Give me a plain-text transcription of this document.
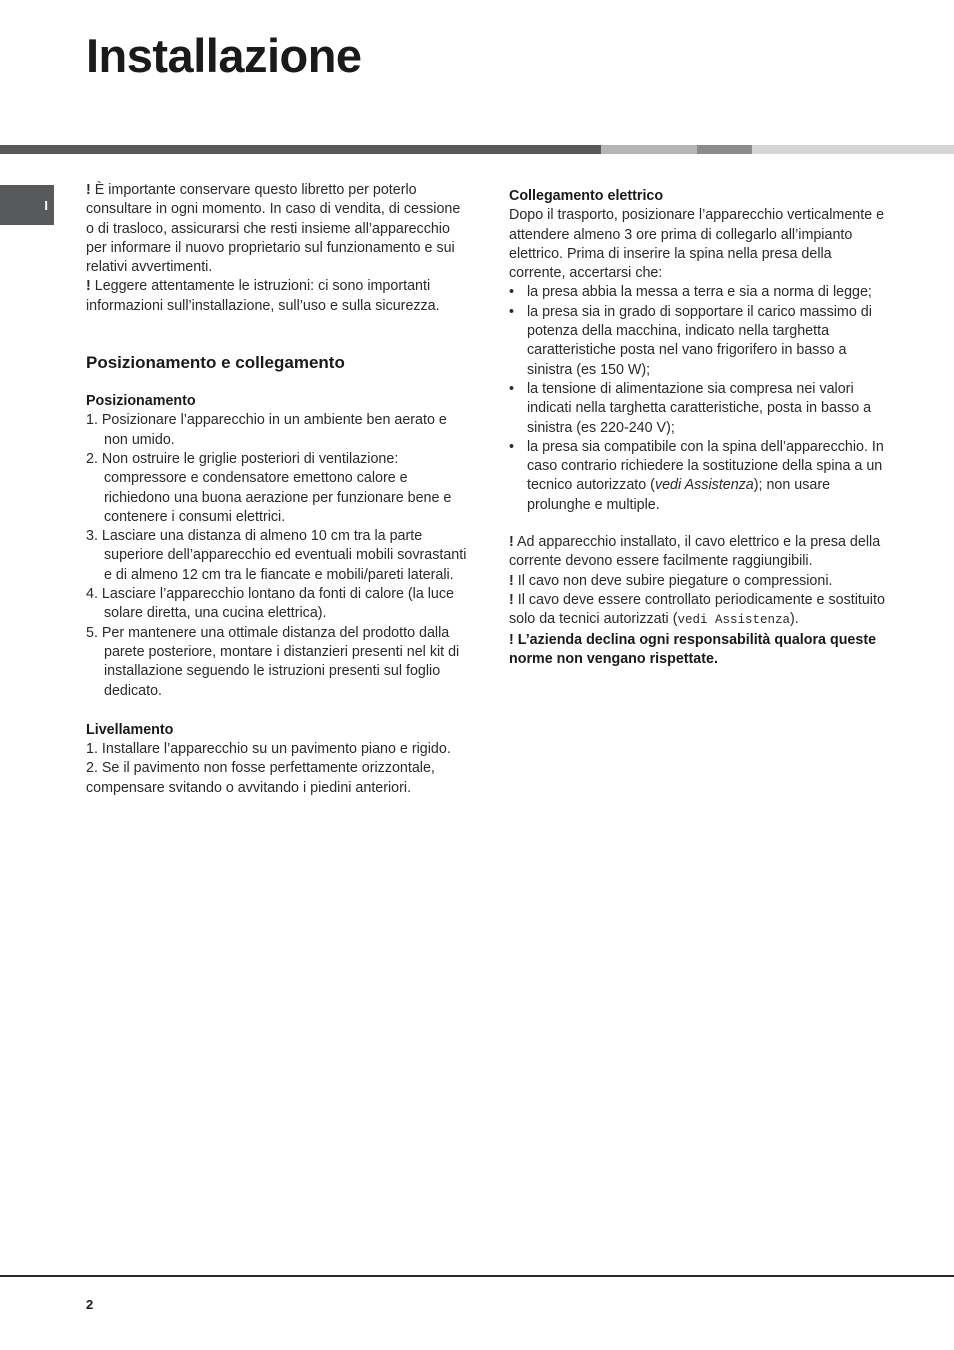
Installazione
I

! È importante conservare questo libretto per poterlo consultare in ogni momento. In caso di vendita, di cessione o di trasloco, assicurarsi che resti insieme all’apparecchio per informare il nuovo proprietario sul funzionamento e sui relativi avvertimenti.

! Leggere attentamente le istruzioni: ci sono importanti informazioni sull’installazione, sull’uso e sulla sicurezza.

Posizionamento e collegamento

Posizionamento

1. Posizionare l’apparecchio in un ambiente ben aerato e non umido.
2. Non ostruire le griglie posteriori di ventilazione: compressore e condensatore emettono calore e richiedono una buona aerazione per funzionare bene e contenere i consumi elettrici.
3. Lasciare una distanza di almeno 10 cm tra la parte superiore dell’apparecchio ed eventuali mobili sovrastanti e di almeno 12 cm tra le fiancate e mobili/pareti laterali.
4. Lasciare l’apparecchio lontano da fonti di calore (la luce solare diretta, una cucina elettrica).
5. Per mantenere una ottimale distanza del prodotto dalla parete posteriore, montare i distanzieri presenti nel kit di installazione seguendo le istruzioni presenti sul foglio dedicato.

Livellamento

1. Installare l’apparecchio su un pavimento piano e rigido.

2. Se il pavimento non fosse perfettamente orizzontale, compensare svitando o avvitando i piedini anteriori.

Collegamento elettrico

Dopo il trasporto, posizionare l’apparecchio verticalmente e attendere almeno 3 ore prima di collegarlo all’impianto elettrico. Prima di inserire la spina nella presa della corrente, accertarsi che:

• la presa abbia la messa a terra e sia a norma di legge;
• la presa sia in grado di sopportare il carico massimo di potenza della macchina, indicato nella targhetta caratteristiche posta nel vano frigorifero in basso a sinistra (es 150 W);
• la tensione di alimentazione sia compresa nei valori indicati nella targhetta caratteristiche, posta in basso a sinistra (es 220-240 V);
• la presa sia compatibile con la spina dell’apparecchio. In caso contrario richiedere la sostituzione della spina a un tecnico autorizzato (vedi Assistenza); non usare prolunghe e multiple.

! Ad apparecchio installato, il cavo elettrico e la presa della corrente devono essere facilmente raggiungibili.

! Il cavo non deve subire piegature o compressioni.

! Il cavo deve essere controllato periodicamente e sostituito solo da tecnici autorizzati (vedi Assistenza).

! L’azienda declina ogni responsabilità qualora queste norme non vengano rispettate.

2
